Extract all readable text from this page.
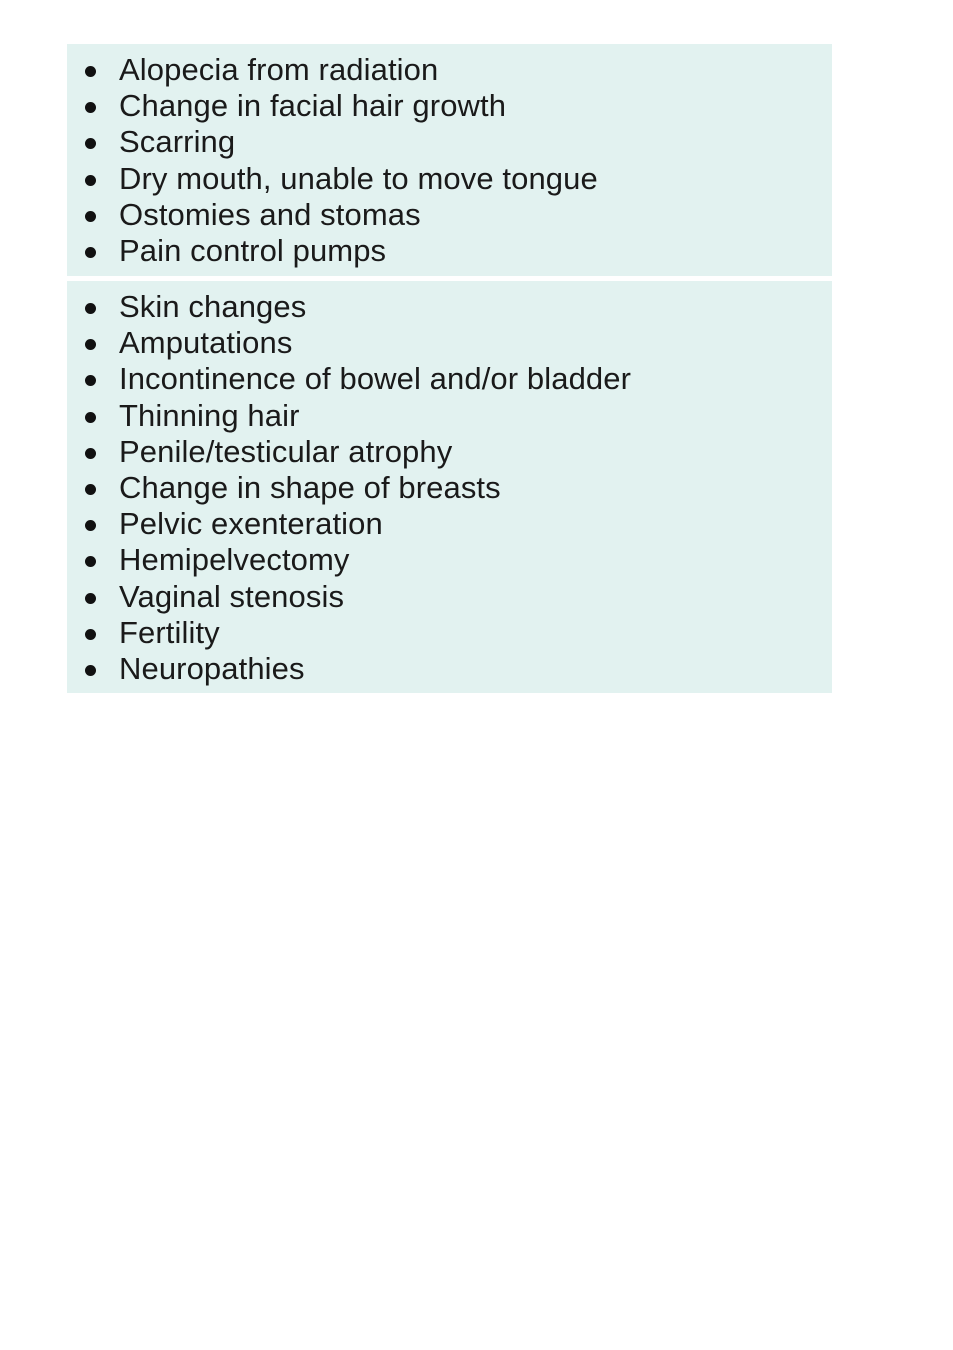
Alopecia from radiation
Change in facial hair growth
Scarring
Dry mouth, unable to move tongue
Ostomies and stomas
Pain control pumps
Skin changes
Amputations
Incontinence of bowel and/or bladder
Thinning hair
Penile/testicular atrophy
Change in shape of breasts
Pelvic exenteration
Hemipelvectomy
Vaginal stenosis
Fertility
Neuropathies
